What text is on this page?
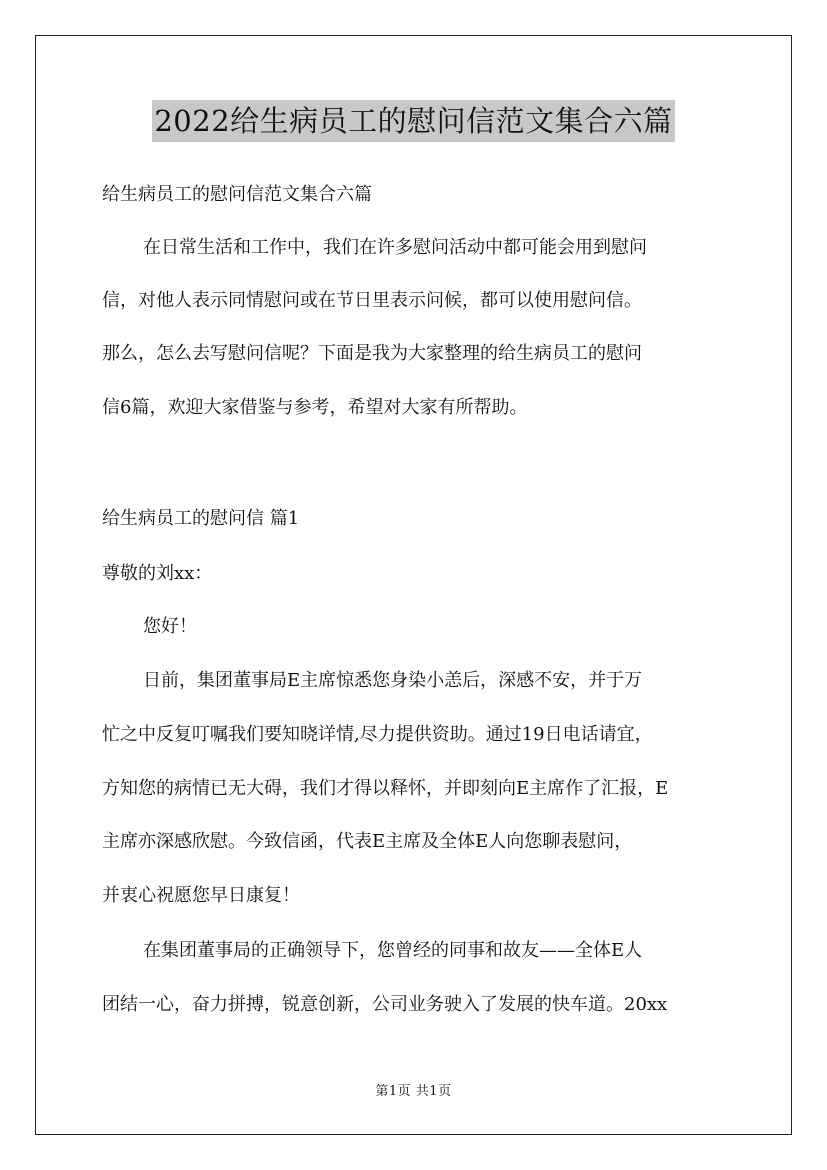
2022给生病员工的慰问信范文集合六篇
给生病员工的慰问信范文集合六篇
在日常生活和工作中，我们在许多慰问活动中都可能会用到慰问
信，对他人表示同情慰问或在节日里表示问候，都可以使用慰问信。
那么，怎么去写慰问信呢？下面是我为大家整理的给生病员工的慰问
信6篇，欢迎大家借鉴与参考，希望对大家有所帮助。
给生病员工的慰问信 篇1
尊敬的刘xx：
您好！
日前，集团董事局E主席惊悉您身染小恙后，深感不安，并于万
忙之中反复叮嘱我们要知晓详情,尽力提供资助。通过19日电话请宜，
方知您的病情已无大碍，我们才得以释怀，并即刻向E主席作了汇报，E
主席亦深感欣慰。今致信函，代表E主席及全体E人向您聊表慰问，
并衷心祝愿您早日康复！
在集团董事局的正确领导下，您曾经的同事和故友——全体E人
团结一心，奋力拼搏，锐意创新，公司业务驶入了发展的快车道。20xx
第1页 共1页
